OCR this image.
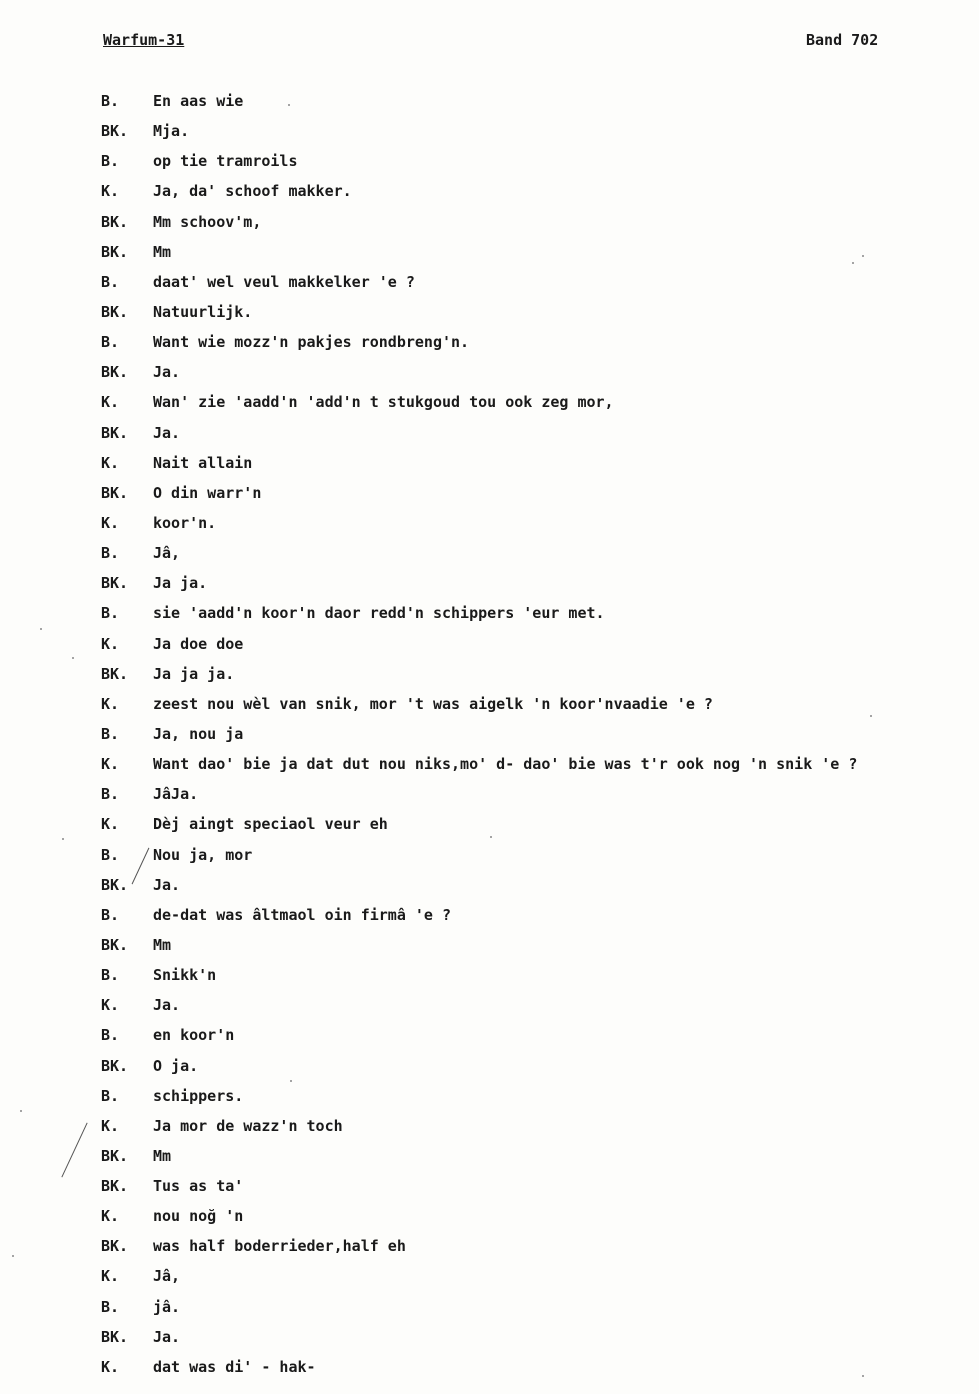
Warfum-31	Band 702
B.	En aas wie
BK.	Mja.
B.	op tie tramroils
K.	Ja, da' schoof makker.
BK.	Mm schoov'm,
BK.	Mm
B.	daat' wel veul makkelker 'e ?
BK.	Natuurlijk.
B.	Want wie mozz'n pakjes rondbreng'n.
BK.	Ja.
K.	Wan' zie 'aadd'n 'add'n t stukgoud tou ook zeg mor,
BK.	Ja.
K.	Nait allain
BK.	O din warr'n
K.	koor'n.
B.	Jâ,
BK.	Ja ja.
B.	sie 'aadd'n koor'n daor redd'n schippers 'eur met.
K.	Ja doe doe
BK.	Ja ja ja.
K.	zeest nou wèl van snik, mor 't was aigelk 'n koor'nvaadie 'e ?
B.	Ja, nou ja
K.	Want dao' bie ja dat dut nou niks,mo' d- dao' bie was t'r ook nog 'n snik 'e ?
B.	JâJa.
K.	Dèj aingt speciaol veur eh
B.	Nou ja, mor
BK.	Ja.
B.	de-dat was âltmaol oin firmâ 'e ?
BK.	Mm
B.	Snikk'n
K.	Ja.
B.	en koor'n
BK.	O ja.
B.	schippers.
K.	Ja mor de wazz'n toch
BK.	Mm
BK.	Tus as ta'
K.	nou noğ 'n
BK.	was half boderrieder,half eh
K.	Jâ,
B.	jâ.
BK.	Ja.
K.	dat was di' - hak-
